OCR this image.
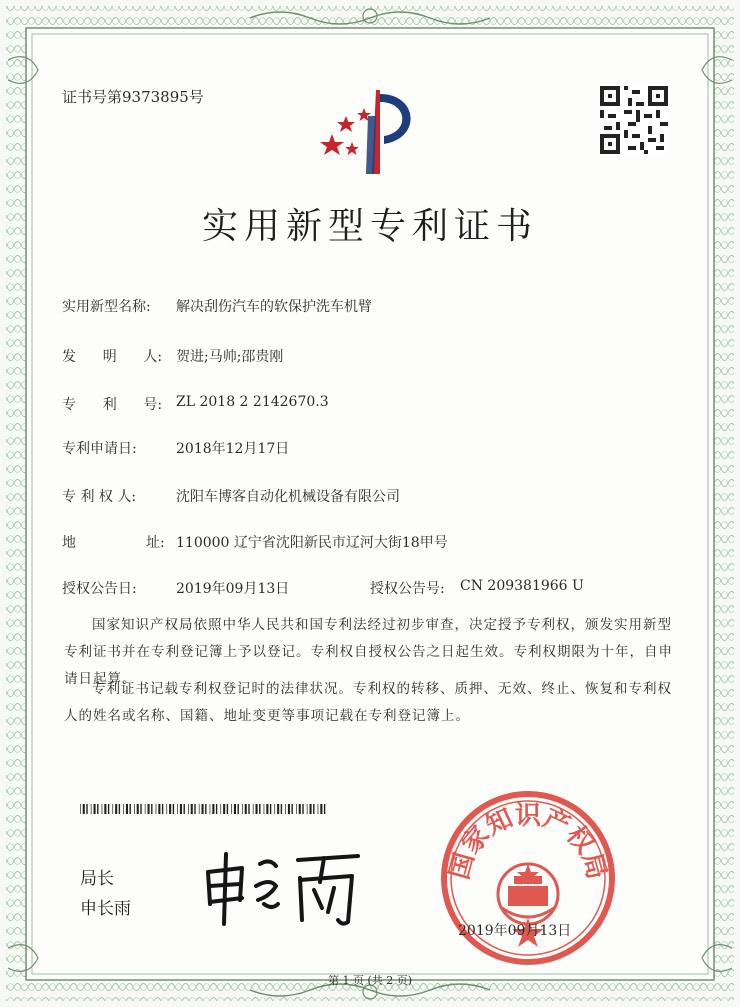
证书号第9373895号
实用新型专利证书
实用新型名称: 解决刮伤汽车的软保护洗车机臂
发      明      人: 贺进;马帅;邵贵刚
专      利      号: ZL 2018 2 2142670.3
专利申请日:	2018年12月17日
专 利 权 人:	沈阳车博客自动化机械设备有限公司
地	址: 110000 辽宁省沈阳新民市辽河大街18甲号
授权公告日:	2019年09月13日	授权公告号: CN 209381966 U
国家知识产权局依照中华人民共和国专利法经过初步审查，决定授予专利权，颁发实用新型专利证书并在专利登记簿上予以登记。专利权自授权公告之日起生效。专利权期限为十年，自申请日起算。
专利证书记载专利权登记时的法律状况。专利权的转移、质押、无效、终止、恢复和专利权人的姓名或名称、国籍、地址变更等事项记载在专利登记簿上。
局长
申长雨
国家知识产权局
2019年09月13日
第 1 页 (共 2 页)
